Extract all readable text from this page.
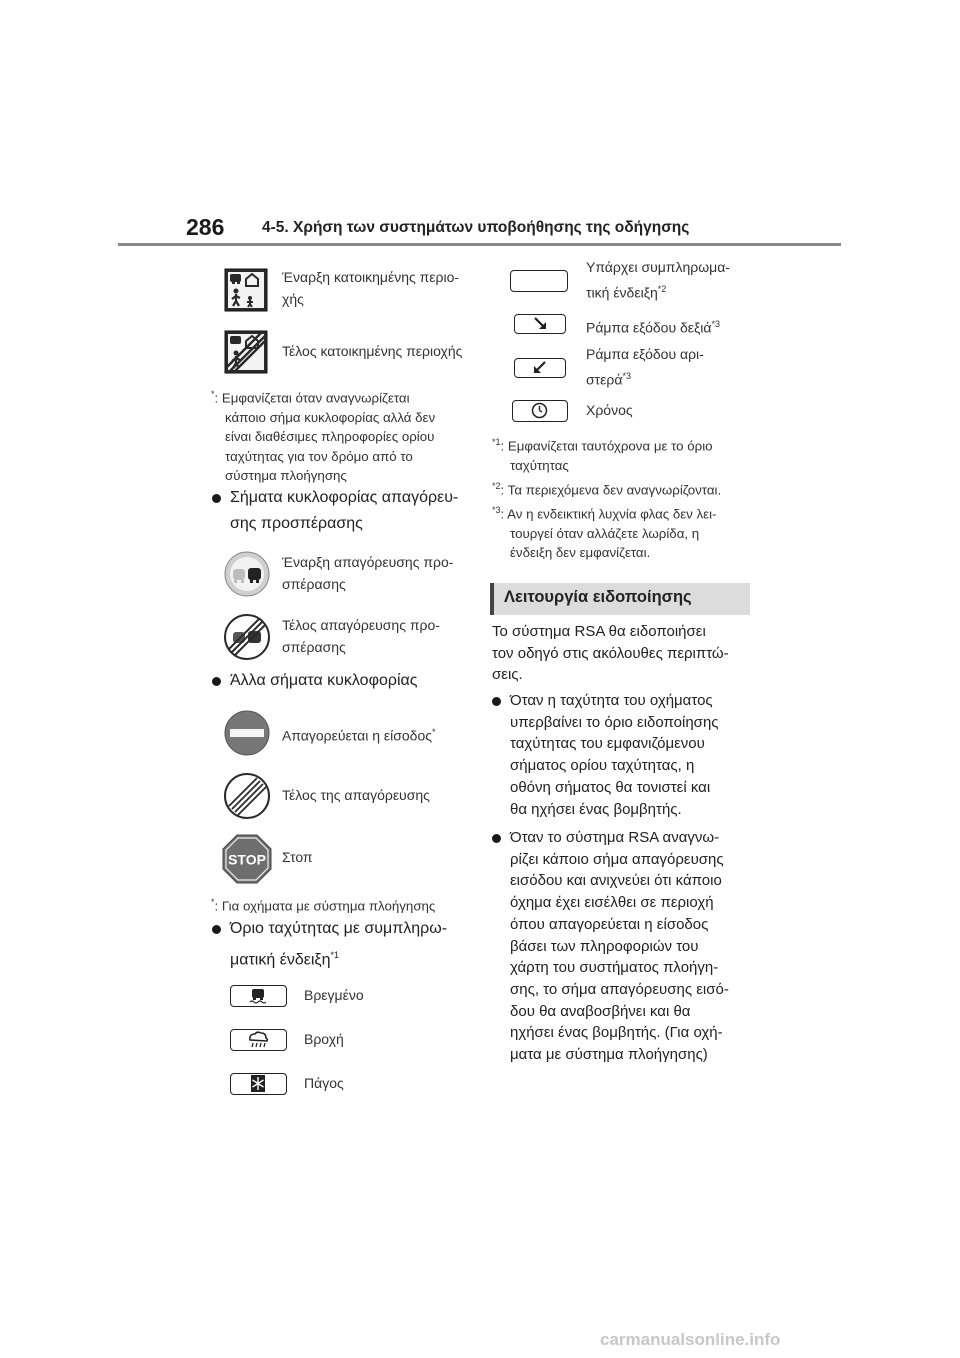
286 4-5. Χρήση των συστημάτων υποβοήθησης της οδήγησης
Έναρξη κατοικημένης περιο-
χής
Τέλος κατοικημένης περιοχής
*: Εμφανίζεται όταν αναγνωρίζεται
κάποιο σήμα κυκλοφορίας αλλά δεν
είναι διαθέσιμες πληροφορίες ορίου
ταχύτητας για τον δρόμο από το
σύστημα πλοήγησης
Σήματα κυκλοφορίας απαγόρευ-
σης προσπέρασης
Έναρξη απαγόρευσης προ-
σπέρασης
Τέλος απαγόρευσης προ-
σπέρασης
Άλλα σήματα κυκλοφορίας
Απαγορεύεται η είσοδος*
Τέλος της απαγόρευσης
STOP Στοπ
*: Για οχήματα με σύστημα πλοήγησης
Όριο ταχύτητας με συμπληρω-
ματική ένδειξη$^{*1}$
Βρεγμένο
Βροχή
Πάγος
Υπάρχει συμπληρωμα-
τική ένδειξη$^{*2}$
Ράμπα εξόδου δεξιά$^{*3}$
Ράμπα εξόδου αρι-
στερά$^{*3}$
Χρόνος
$^{*1}$: Εμφανίζεται ταυτόχρονα με το όριο
ταχύτητας
$^{*2}$: Τα περιεχόμενα δεν αναγνωρίζονται.
$^{*3}$: Αν η ενδεικτική λυχνία φλας δεν λει-
τουργεί όταν αλλάζετε λωρίδα, η
ένδειξη δεν εμφανίζεται.
Λειτουργία ειδοποίησης
Το σύστημα RSA θα ειδοποιήσει
τον οδηγό στις ακόλουθες περιπτώ-
σεις.
Όταν η ταχύτητα του οχήματος
υπερβαίνει το όριο ειδοποίησης
ταχύτητας του εμφανιζόμενου
σήματος ορίου ταχύτητας, η
οθόνη σήματος θα τονιστεί και
θα ηχήσει ένας βομβητής.
Όταν το σύστημα RSA αναγνω-
ρίζει κάποιο σήμα απαγόρευσης
εισόδου και ανιχνεύει ότι κάποιο
όχημα έχει εισέλθει σε περιοχή
όπου απαγορεύεται η είσοδος
βάσει των πληροφοριών του
χάρτη του συστήματος πλοήγη-
σης, το σήμα απαγόρευσης εισό-
δου θα αναβοσβήνει και θα
ηχήσει ένας βομβητής. (Για οχή-
ματα με σύστημα πλοήγησης)
carmanualsonline.info
